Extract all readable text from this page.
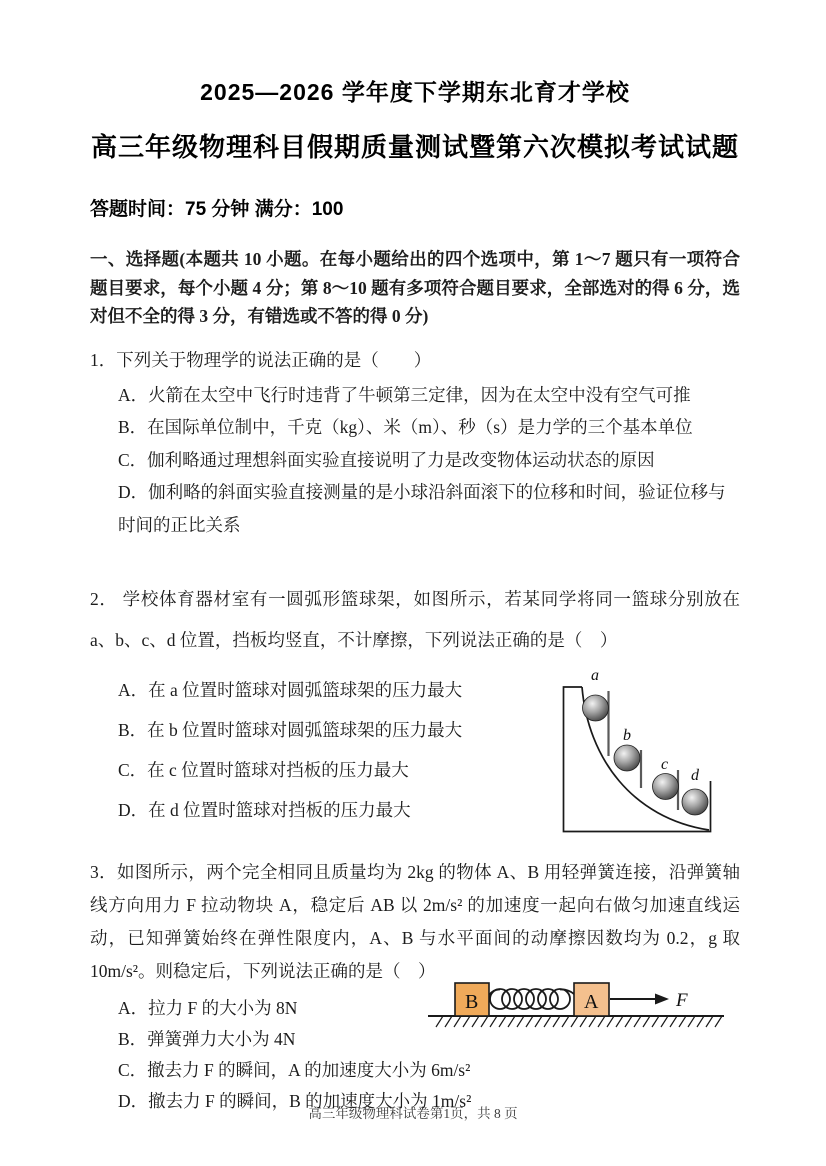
2025—2026 学年度下学期东北育才学校
高三年级物理科目假期质量测试暨第六次模拟考试试题

答题时间：75 分钟 满分：100

一、选择题(本题共 10 小题。在每小题给出的四个选项中，第 1～7 题只有一项符合题目要求，每个小题 4 分；第 8～10 题有多项符合题目要求，全部选对的得 6 分，选对但不全的得 3 分，有错选或不答的得 0 分)

1．下列关于物理学的说法正确的是（　　）

A．火箭在太空中飞行时违背了牛顿第三定律，因为在太空中没有空气可推

B．在国际单位制中，千克（kg）、米（m）、秒（s）是力学的三个基本单位

C．伽利略通过理想斜面实验直接说明了力是改变物体运动状态的原因

D．伽利略的斜面实验直接测量的是小球沿斜面滚下的位移和时间，验证位移与时间的正比关系

2． 学校体育器材室有一圆弧形篮球架，如图所示，若某同学将同一篮球分别放在 a、b、c、d 位置，挡板均竖直，不计摩擦，下列说法正确的是（　）

A．在 a 位置时篮球对圆弧篮球架的压力最大

B．在 b 位置时篮球对圆弧篮球架的压力最大

C．在 c 位置时篮球对挡板的压力最大

D．在 d 位置时篮球对挡板的压力最大

a
b
c
d

3．如图所示，两个完全相同且质量均为 2kg 的物体 A、B 用轻弹簧连接，沿弹簧轴线方向用力 F 拉动物块 A，稳定后 AB 以 2m/s² 的加速度一起向右做匀加速直线运动，已知弹簧始终在弹性限度内，A、B 与水平面间的动摩擦因数均为 0.2，g 取 10m/s²。则稳定后，下列说法正确的是（　）

A．拉力 F 的大小为 8N

B．弹簧弹力大小为 4N

C．撤去力 F 的瞬间，A 的加速度大小为 6m/s²

D．撤去力 F 的瞬间，B 的加速度大小为 1m/s²

B	A	F
高三年级物理科试卷第1页，共 8 页
